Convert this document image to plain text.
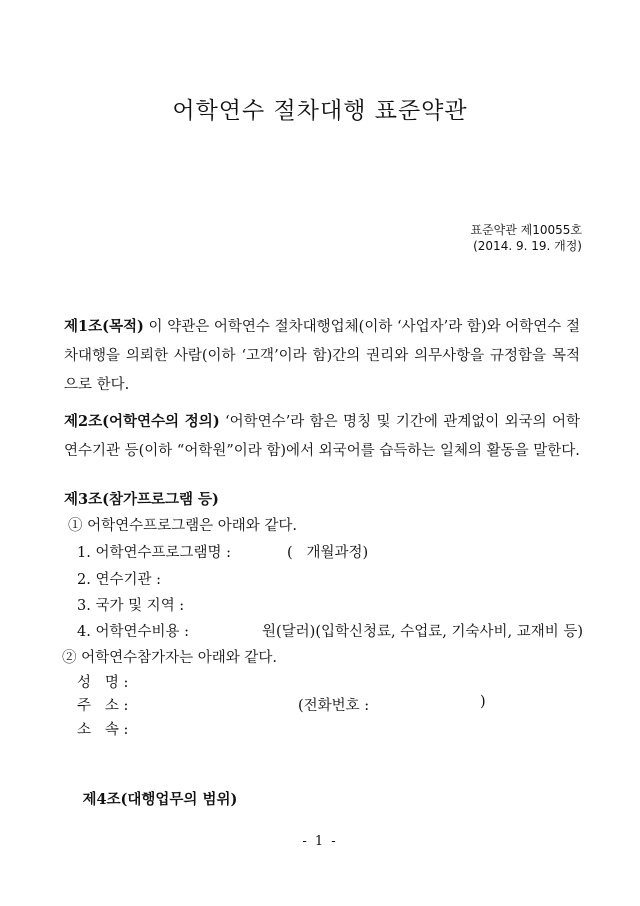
어학연수 절차대행 표준약관
표준약관 제10055호
(2014. 9. 19. 개정)
제1조(목적) 이 약관은 어학연수 절차대행업체(이하 ‘사업자’라 함)와 어학연수 절차대행을 의뢰한 사람(이하 ‘고객’이라 함)간의 권리와 의무사항을 규정함을 목적으로 한다.
제2조(어학연수의 정의) ‘어학연수’라 함은 명칭 및 기간에 관계없이 외국의 어학연수기관 등(이하 “어학원”이라 함)에서 외국어를 습득하는 일체의 활동을 말한다.
제3조(참가프로그램 등)
① 어학연수프로그램은 아래와 같다.
1. 어학연수프로그램명 :	(   개월과정)
2. 연수기관 :
3. 국가 및 지역 :
4. 어학연수비용 :	원(달러)(입학신청료, 수업료, 기숙사비, 교재비 등)
② 어학연수참가자는 아래와 같다.
성   명 :
주   소 :	(전화번호 :	)
소   속 :

제4조(대행업무의 범위)

- 1 -
